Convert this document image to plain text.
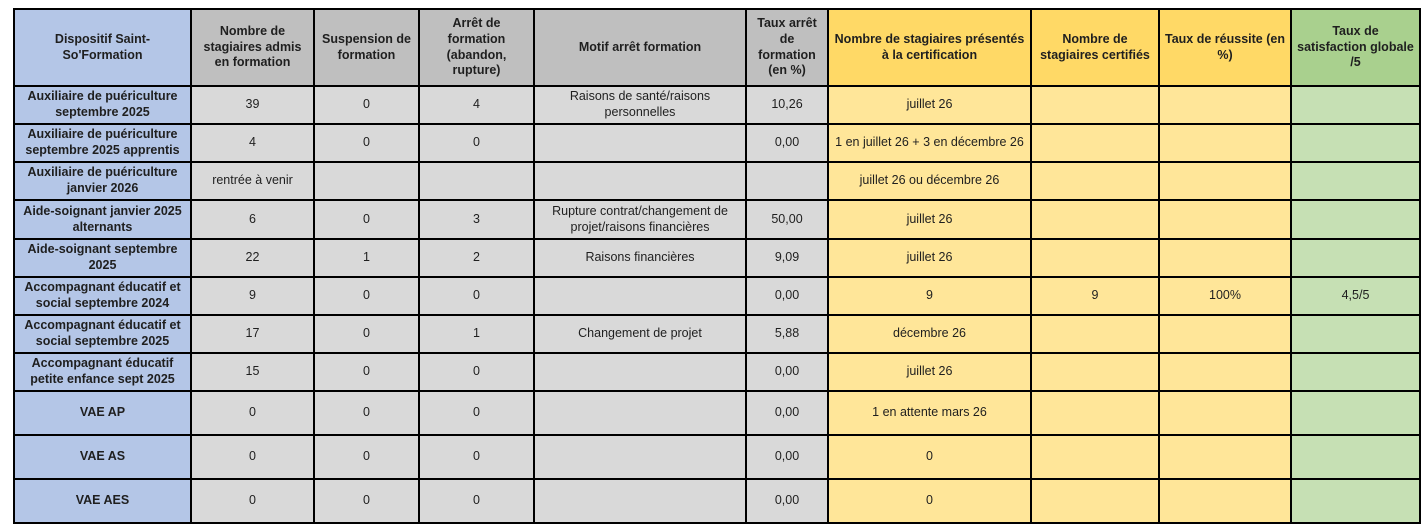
Dispositif Saint-So'Formation	Nombre de stagiaires admis en formation	Suspension de formation	Arrêt de formation (abandon, rupture)	Motif arrêt formation	Taux arrêt de formation (en %)	Nombre de stagiaires présentés à la certification	Nombre de stagiaires certifiés	Taux de réussite (en %)	Taux de satisfaction globale /5
Auxiliaire de puériculture septembre 2025	39	0	4	Raisons de santé/raisons personnelles	10,26	juillet 26			
Auxiliaire de puériculture septembre 2025 apprentis	4	0	0		0,00	1 en juillet 26 + 3 en décembre 26			
Auxiliaire de puériculture janvier 2026	rentrée à venir					juillet 26 ou décembre 26			
Aide-soignant janvier 2025 alternants	6	0	3	Rupture contrat/changement de projet/raisons financières	50,00	juillet 26			
Aide-soignant septembre 2025	22	1	2	Raisons financières	9,09	juillet 26			
Accompagnant éducatif et social septembre 2024	9	0	0		0,00	9	9	100%	4,5/5
Accompagnant éducatif et social septembre 2025	17	0	1	Changement de projet	5,88	décembre 26			
Accompagnant éducatif petite enfance sept 2025	15	0	0		0,00	juillet 26			
VAE AP	0	0	0		0,00	1 en attente mars 26			
VAE AS	0	0	0		0,00	0			
VAE AES	0	0	0		0,00	0			
